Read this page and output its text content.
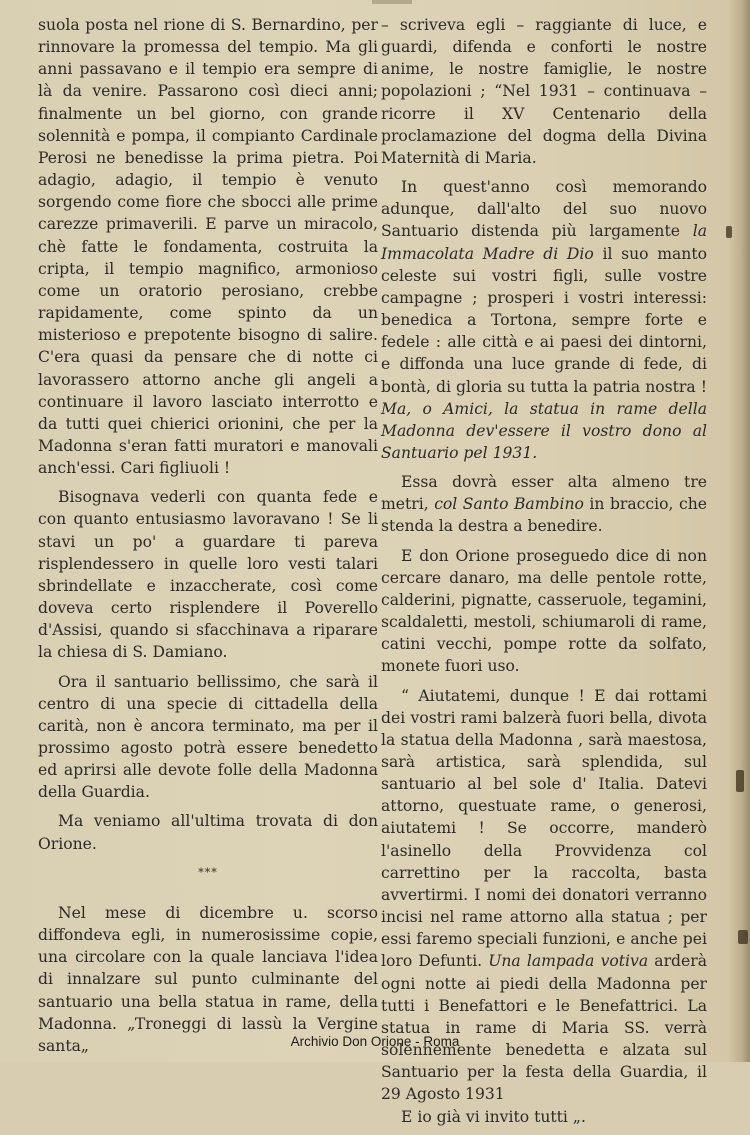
suola posta nel rione di S. Bernardino, per rinnovare la promessa del tempio. Ma gli anni passavano e il tempio era sempre di là da venire. Passarono così dieci anni; finalmente un bel giorno, con grande solennità e pompa, il compianto Cardinale Perosi ne benedisse la prima pietra. Poi adagio, adagio, il tempio è venuto sorgendo come fiore che sbocci alle prime carezze primaverili. E parve un miracolo, chè fatte le fondamenta, costruita la cripta, il tempio magnifico, armonioso come un oratorio perosiano, crebbe rapidamente, come spinto da un misterioso e prepotente bisogno di salire. C'era quasi da pensare che di notte ci lavorassero attorno anche gli angeli a continuare il lavoro lasciato interrotto e da tutti quei chierici orionini, che per la Madonna s'eran fatti muratori e manovali anch'essi. Cari figliuoli !

Bisognava vederli con quanta fede e con quanto entusiasmo lavoravano ! Se li stavi un po' a guardare ti pareva risplendessero in quelle loro vesti talari sbrindellate e inzaccherate, così come doveva certo risplendere il Poverello d'Assisi, quando si sfacchinava a riparare la chiesa di S. Damiano.

Ora il santuario bellissimo, che sarà il centro di una specie di cittadella della carità, non è ancora terminato, ma per il prossimo agosto potrà essere benedetto ed aprirsi alle devote folle della Madonna della Guardia.

Ma veniamo all'ultima trovata di don Orione.

***

Nel mese di dicembre u. scorso diffondeva egli, in numerosissime copie, una circolare con la quale lanciava l'idea di innalzare sul punto culminante del santuario una bella statua in rame, della Madonna. „Troneggi di lassù la Vergine santa„

– scriveva egli – raggiante di luce, e guardi, difenda e conforti le nostre anime, le nostre famiglie, le nostre popolazioni ; “Nel 1931 – continuava – ricorre il XV Centenario della proclamazione del dogma della Divina Maternità di Maria.

In quest'anno così memorando adunque, dall'alto del suo nuovo Santuario distenda più largamente la Immacolata Madre di Dio il suo manto celeste sui vostri figli, sulle vostre campagne ; prosperi i vostri interessi: benedica a Tortona, sempre forte e fedele : alle città e ai paesi dei dintorni, e diffonda una luce grande di fede, di bontà, di gloria su tutta la patria nostra ! Ma, o Amici, la statua in rame della Madonna dev'essere il vostro dono al Santuario pel 1931.

Essa dovrà esser alta almeno tre metri, col Santo Bambino in braccio, che stenda la destra a benedire.

E don Orione proseguedo dice di non cercare danaro, ma delle pentole rotte, calderini, pignatte, casseruole, tegamini, scaldaletti, mestoli, schiumaroli di rame, catini vecchi, pompe rotte da solfato, monete fuori uso.

“ Aiutatemi, dunque ! E dai rottami dei vostri rami balzerà fuori bella, divota la statua della Madonna , sarà maestosa, sarà artistica, sarà splendida, sul santuario al bel sole d' Italia. Datevi attorno, questuate rame, o generosi, aiutatemi ! Se occorre, manderò l'asinello della Provvidenza col carrettino per la raccolta, basta avvertirmi. I nomi dei donatori verranno incisi nel rame attorno alla statua ; per essi faremo speciali funzioni, e anche pei loro Defunti. Una lampada votiva arderà ogni notte ai piedi della Madonna per tutti i Benefattori e le Benefattrici. La statua in rame di Maria SS. verrà solennemente benedetta e alzata sul Santuario per la festa della Guardia, il 29 Agosto 1931

E io già vi invito tutti „.

Archivio Don Orione - Roma
